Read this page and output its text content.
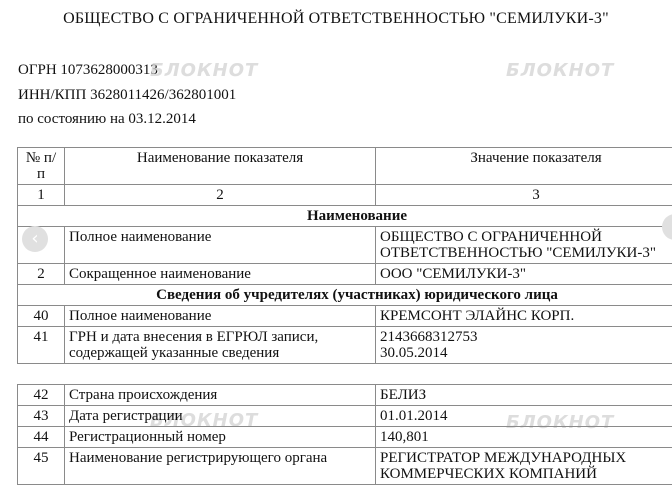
ОБЩЕСТВО С ОГРАНИЧЕННОЙ ОТВЕТСТВЕННОСТЬЮ "СЕМИЛУКИ-3"
ОГРН 1073628000313
ИНН/КПП 3628011426/362801001
по состоянию на 03.12.2014
БЛОКНОТ	БЛОКНОТ
БЛОКНОТ	БЛОКНОТ
№ п/п	Наименование показателя	Значение показателя
1	2	3
Наименование		
	Полное наименование	ОБЩЕСТВО С ОГРАНИЧЕННОЙ ОТВЕТСТВЕННОСТЬЮ "СЕМИЛУКИ-3"
2	Сокращенное наименование	ООО "СЕМИЛУКИ-3"
Сведения об учредителях (участниках) юридического лица		
40	Полное наименование	КРЕМСОНТ ЭЛАЙНС КОРП.
41	ГРН и дата внесения в ЕГРЮЛ записи, содержащей указанные сведения	2143668312753
30.05.2014

42	Страна происхождения	БЕЛИЗ
43	Дата регистрации	01.01.2014
44	Регистрационный номер	140,801
45	Наименование регистрирующего органа	РЕГИСТРАТОР МЕЖДУНАРОДНЫХ КОММЕРЧЕСКИХ КОМПАНИЙ
‹
